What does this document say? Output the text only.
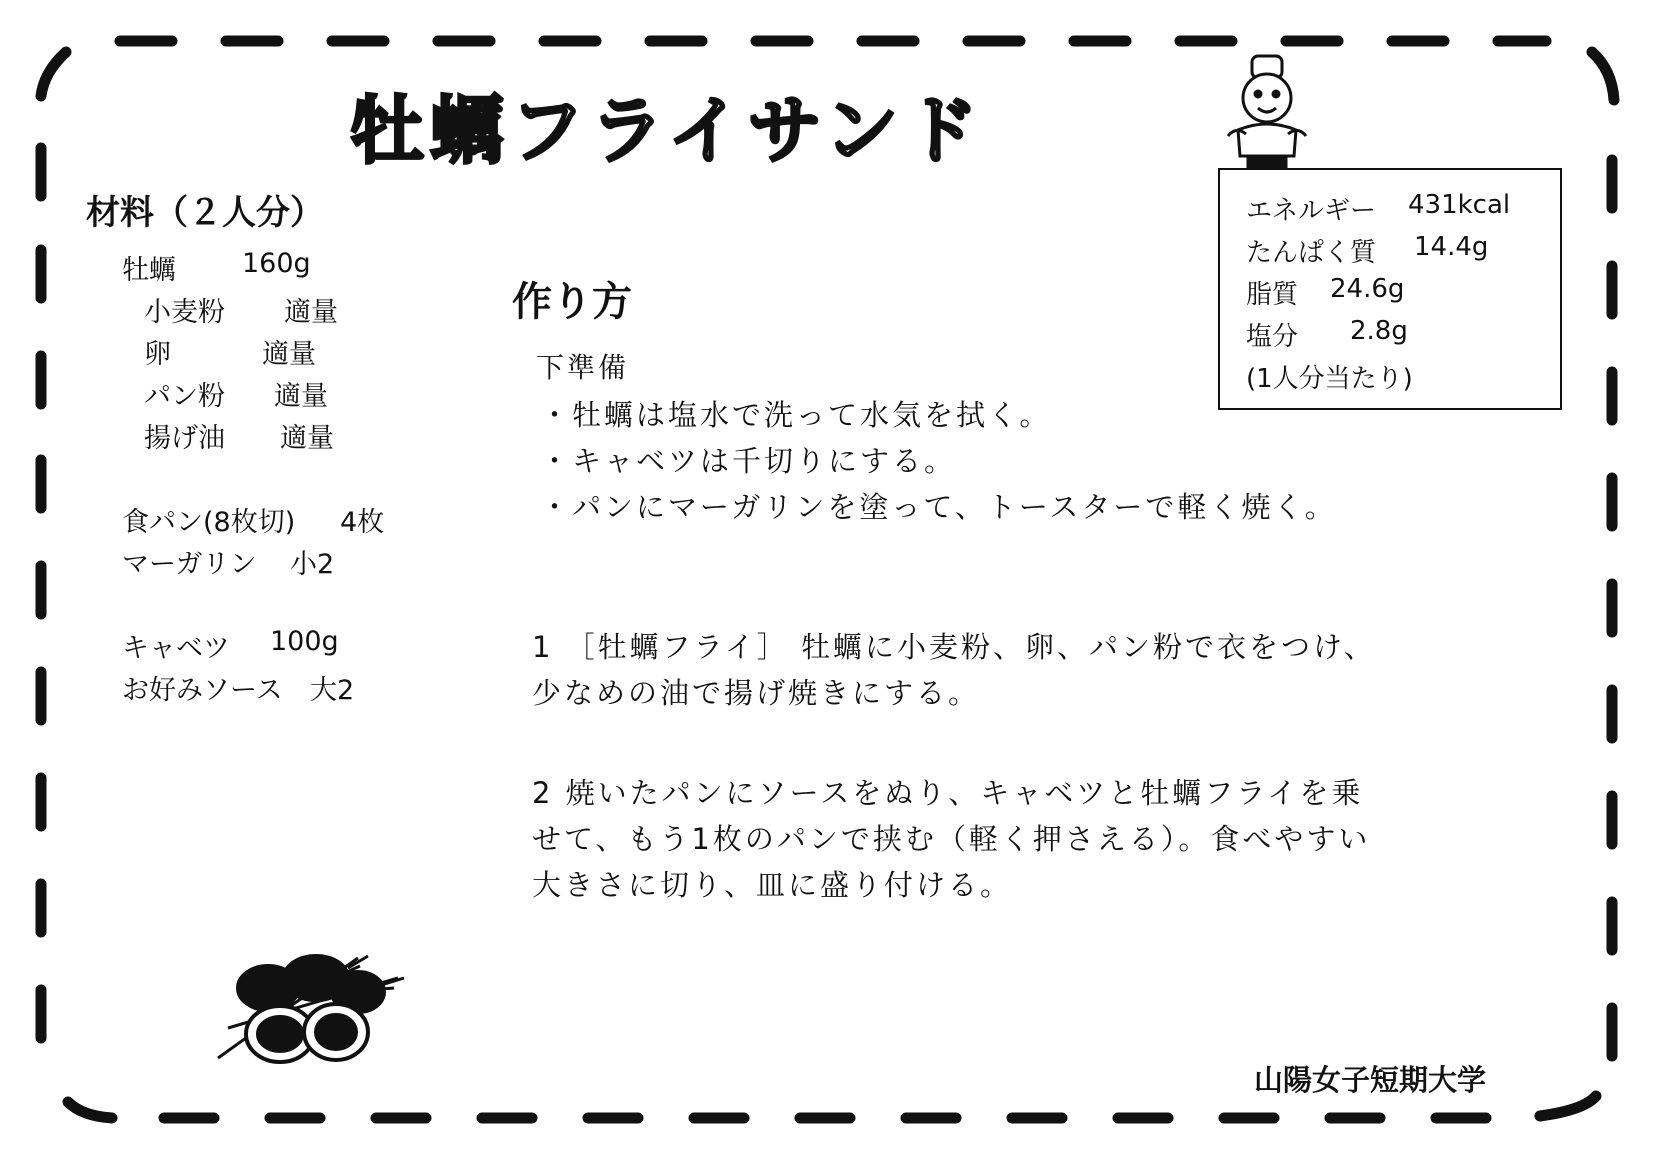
牡蠣フライサンド
エネルギー 431kcal
たんぱく質 14.4g
脂質 24.6g
塩分 2.8g
(1人分当たり)
材料（２人分）
牡蠣 160g
小麦粉 適量
卵	適量
パン粉 適量
揚げ油 適量
食パン(8枚切) 4枚
マーガリン 小2
キャベツ 100g
お好みソース 大2
作り方
下準備
・牡蠣は塩水で洗って水気を拭く。
・キャベツは千切りにする。
・パンにマーガリンを塗って、トースターで軽く焼く。
1 ［牡蠣フライ］ 牡蠣に小麦粉、卵、パン粉で衣をつけ、
少なめの油で揚げ焼きにする。
2 焼いたパンにソースをぬり、キャベツと牡蠣フライを乗
せて、もう1枚のパンで挟む（軽く押さえる）。食べやすい
大きさに切り、皿に盛り付ける。
山陽女子短期大学
